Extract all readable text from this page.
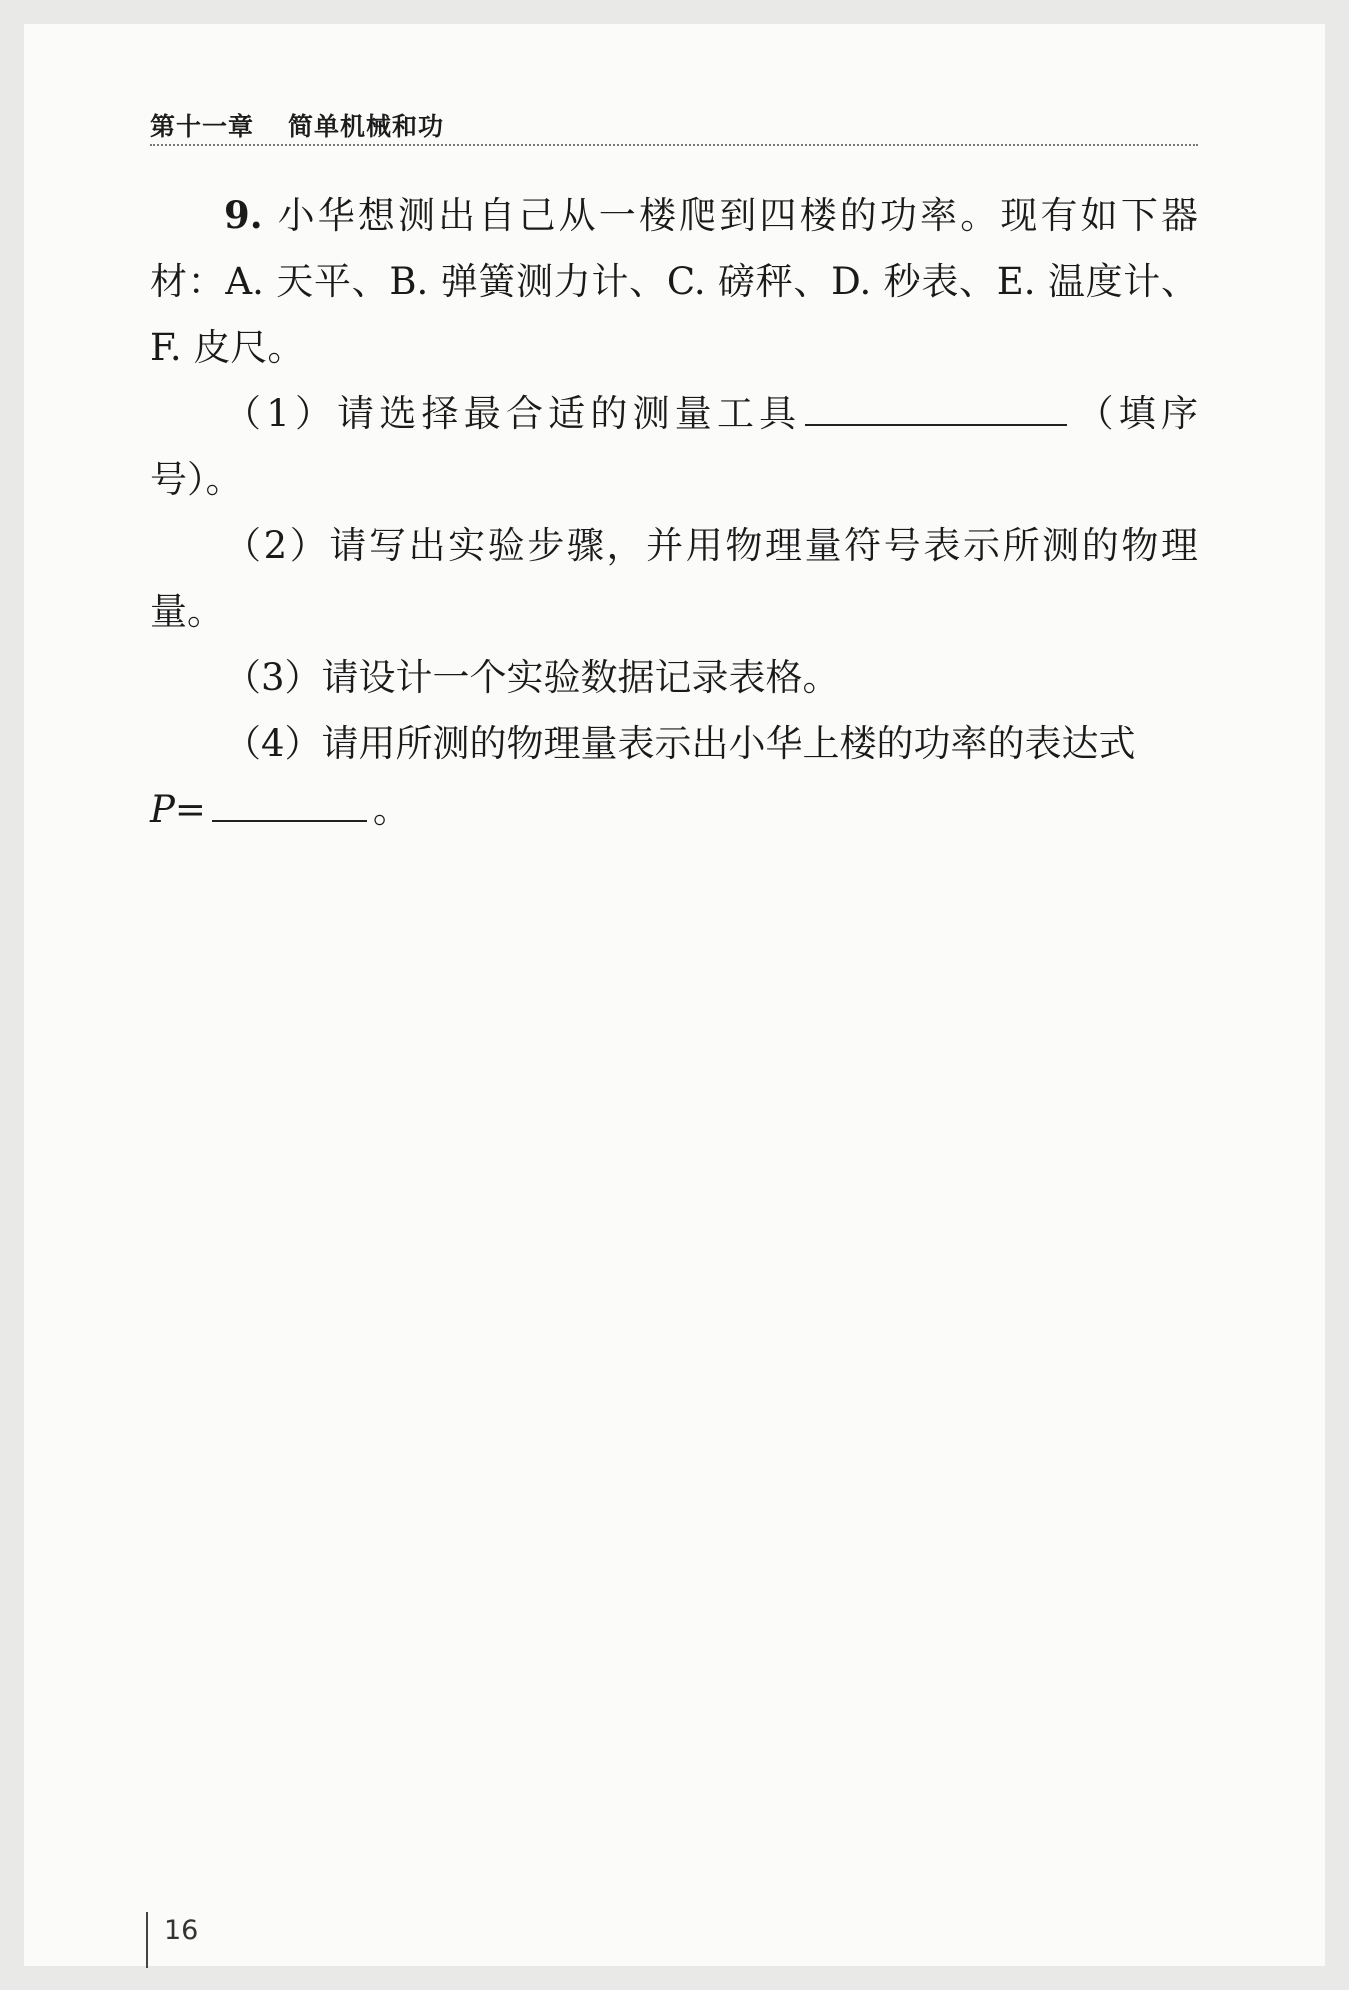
第十一章 简单机械和功

9. 小华想测出自己从一楼爬到四楼的功率。现有如下器材：A. 天平、B. 弹簧测力计、C. 磅秤、D. 秒表、E. 温度计、F. 皮尺。

（1）请选择最合适的测量工具	（填序号）。

（2）请写出实验步骤，并用物理量符号表示所测的物理量。

（3）请设计一个实验数据记录表格。

（4）请用所测的物理量表示出小华上楼的功率的表达式

P=	。

16
